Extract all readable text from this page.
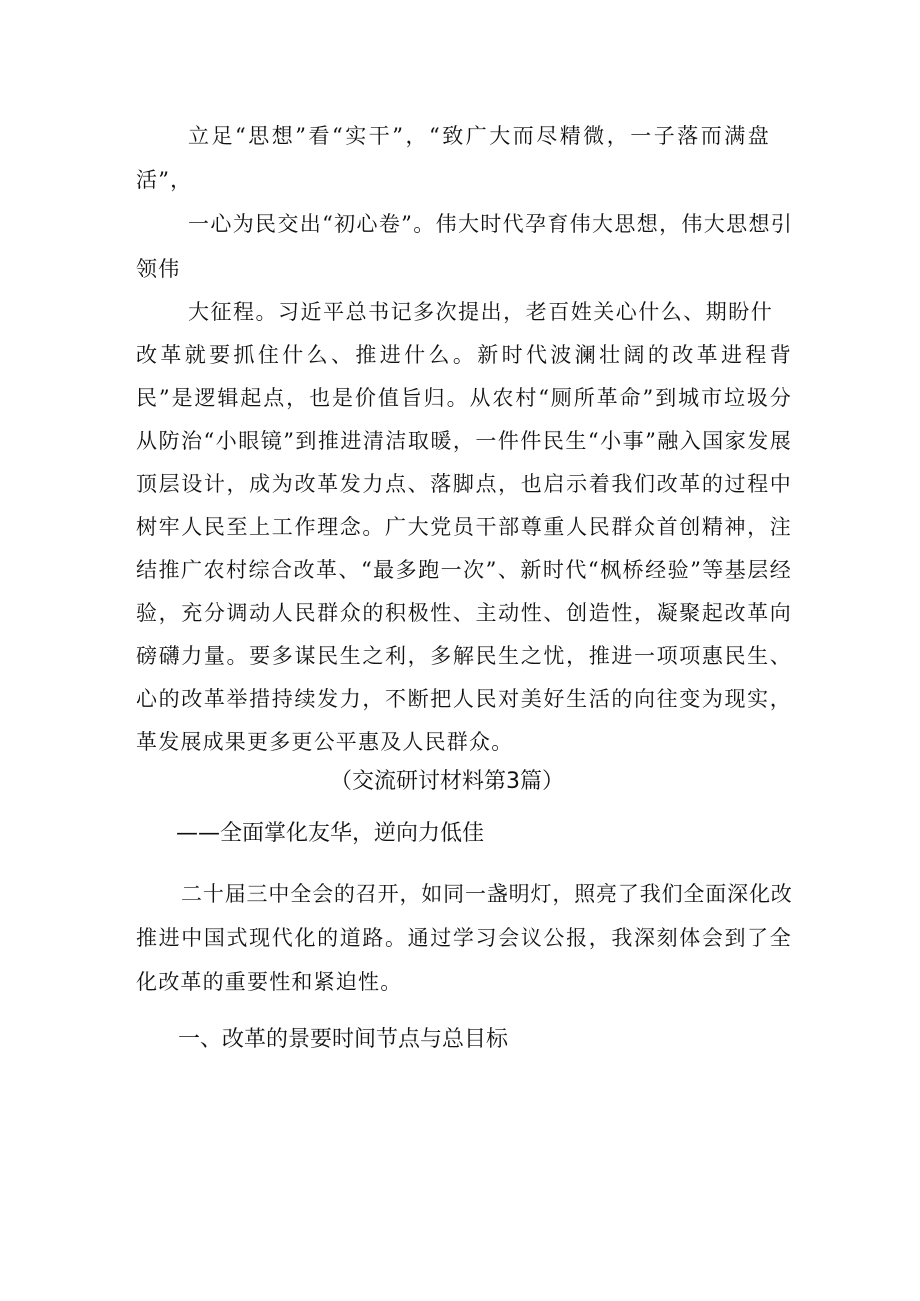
立足“思想”看“实干”，“致广大而尽精微，一子落而满盘
活”，
一心为民交出“初心卷”。伟大时代孕育伟大思想，伟大思想引
领伟
大征程。习近平总书记多次提出，老百姓关心什么、期盼什
改革就要抓住什么、推进什么。新时代波澜壮阔的改革进程背
民”是逻辑起点，也是价值旨归。从农村“厕所革命”到城市垃圾分
从防治“小眼镜”到推进清洁取暖，一件件民生“小事”融入国家发展
顶层设计，成为改革发力点、落脚点，也启示着我们改革的过程中
树牢人民至上工作理念。广大党员干部尊重人民群众首创精神，注
结推广农村综合改革、“最多跑一次”、新时代“枫桥经验”等基层经
验，充分调动人民群众的积极性、主动性、创造性，凝聚起改革向
磅礴力量。要多谋民生之利，多解民生之忧，推进一项项惠民生、
心的改革举措持续发力，不断把人民对美好生活的向往变为现实，
革发展成果更多更公平惠及人民群众。
（交流研讨材料第3篇）
——全面掌化友华，逆向力低佳
二十届三中全会的召开，如同一盏明灯，照亮了我们全面深化改
推进中国式现代化的道路。通过学习会议公报，我深刻体会到了全
化改革的重要性和紧迫性。
一、改革的景要时间节点与总目标
